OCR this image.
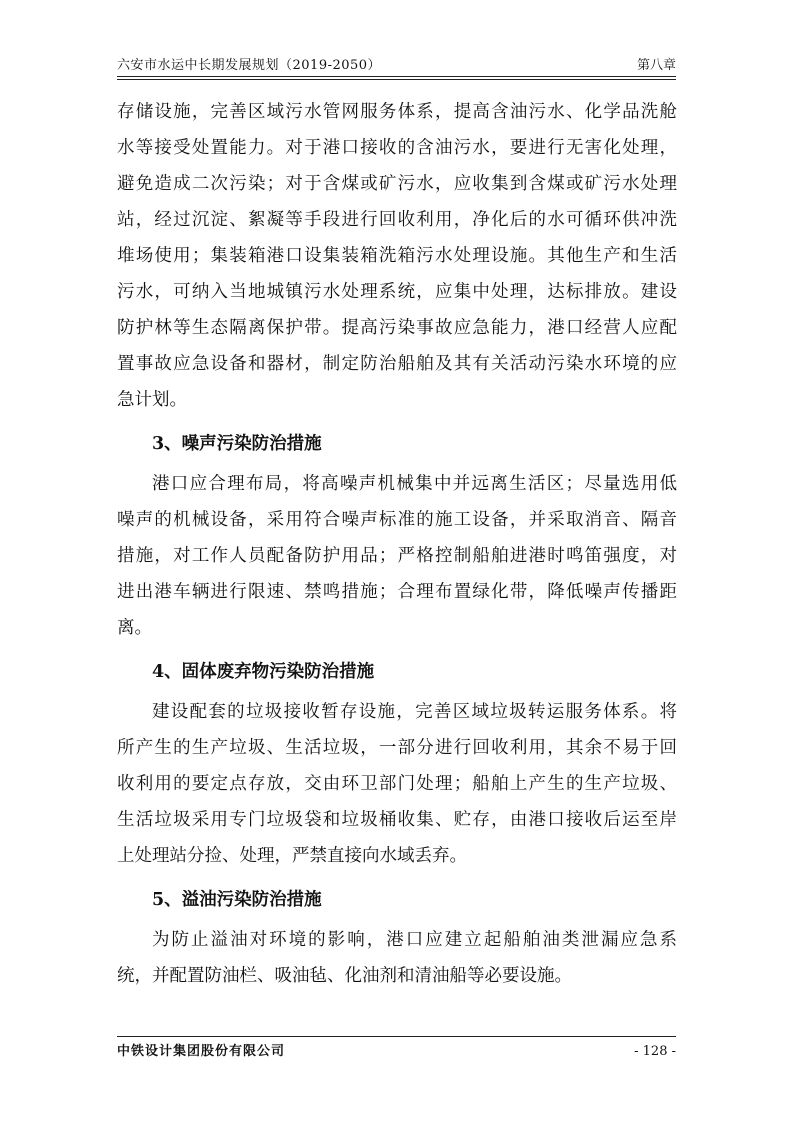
六安市水运中长期发展规划（2019-2050）	第八章
存储设施，完善区域污水管网服务体系，提高含油污水、化学品洗舱
水等接受处置能力。对于港口接收的含油污水，要进行无害化处理，
避免造成二次污染；对于含煤或矿污水，应收集到含煤或矿污水处理
站，经过沉淀、絮凝等手段进行回收利用，净化后的水可循环供冲洗
堆场使用；集装箱港口设集装箱洗箱污水处理设施。其他生产和生活
污水，可纳入当地城镇污水处理系统，应集中处理，达标排放。建设
防护林等生态隔离保护带。提高污染事故应急能力，港口经营人应配
置事故应急设备和器材，制定防治船舶及其有关活动污染水环境的应
急计划。
3、噪声污染防治措施
港口应合理布局，将高噪声机械集中并远离生活区；尽量选用低
噪声的机械设备，采用符合噪声标准的施工设备，并采取消音、隔音
措施，对工作人员配备防护用品；严格控制船舶进港时鸣笛强度，对
进出港车辆进行限速、禁鸣措施；合理布置绿化带，降低噪声传播距
离。
4、固体废弃物污染防治措施
建设配套的垃圾接收暂存设施，完善区域垃圾转运服务体系。将
所产生的生产垃圾、生活垃圾，一部分进行回收利用，其余不易于回
收利用的要定点存放，交由环卫部门处理；船舶上产生的生产垃圾、
生活垃圾采用专门垃圾袋和垃圾桶收集、贮存，由港口接收后运至岸
上处理站分捡、处理，严禁直接向水域丢弃。
5、溢油污染防治措施
为防止溢油对环境的影响，港口应建立起船舶油类泄漏应急系
统，并配置防油栏、吸油毡、化油剂和清油船等必要设施。
中铁设计集团股份有限公司	- 128 -
